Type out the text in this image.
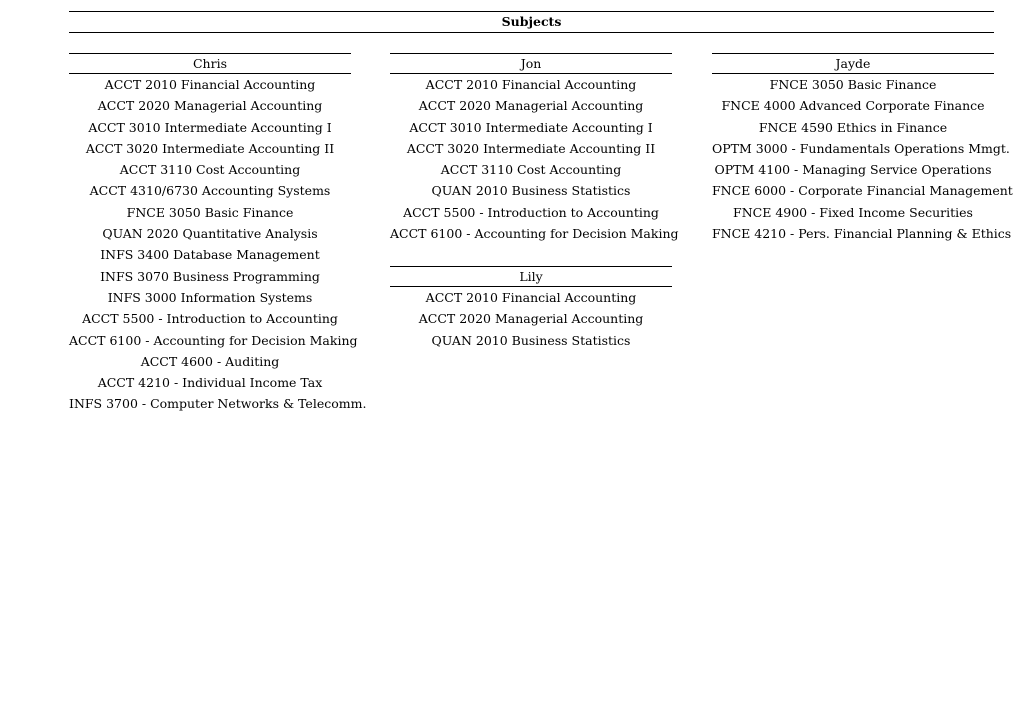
Subjects
Chris
ACCT 2010 Financial Accounting
ACCT 2020 Managerial Accounting
ACCT 3010 Intermediate Accounting I
ACCT 3020 Intermediate Accounting II
ACCT 3110 Cost Accounting
ACCT 4310/6730 Accounting Systems
FNCE 3050 Basic Finance
QUAN 2020 Quantitative Analysis
INFS 3400 Database Management
INFS 3070 Business Programming
INFS 3000 Information Systems
ACCT 5500 - Introduction to Accounting
ACCT 6100 - Accounting for Decision Making
ACCT 4600 - Auditing
ACCT 4210 - Individual Income Tax
INFS 3700 - Computer Networks & Telecomm.
Jon
ACCT 2010 Financial Accounting
ACCT 2020 Managerial Accounting
ACCT 3010 Intermediate Accounting I
ACCT 3020 Intermediate Accounting II
ACCT 3110 Cost Accounting
QUAN 2010 Business Statistics
ACCT 5500 - Introduction to Accounting
ACCT 6100 - Accounting for Decision Making
Lily
ACCT 2010 Financial Accounting
ACCT 2020 Managerial Accounting
QUAN 2010 Business Statistics
Jayde
FNCE 3050 Basic Finance
FNCE 4000 Advanced Corporate Finance
FNCE 4590 Ethics in Finance
OPTM 3000 - Fundamentals Operations Mmgt.
OPTM 4100 - Managing Service Operations
FNCE 6000 - Corporate Financial Management
FNCE 4900 - Fixed Income Securities
FNCE 4210 - Pers. Financial Planning & Ethics
